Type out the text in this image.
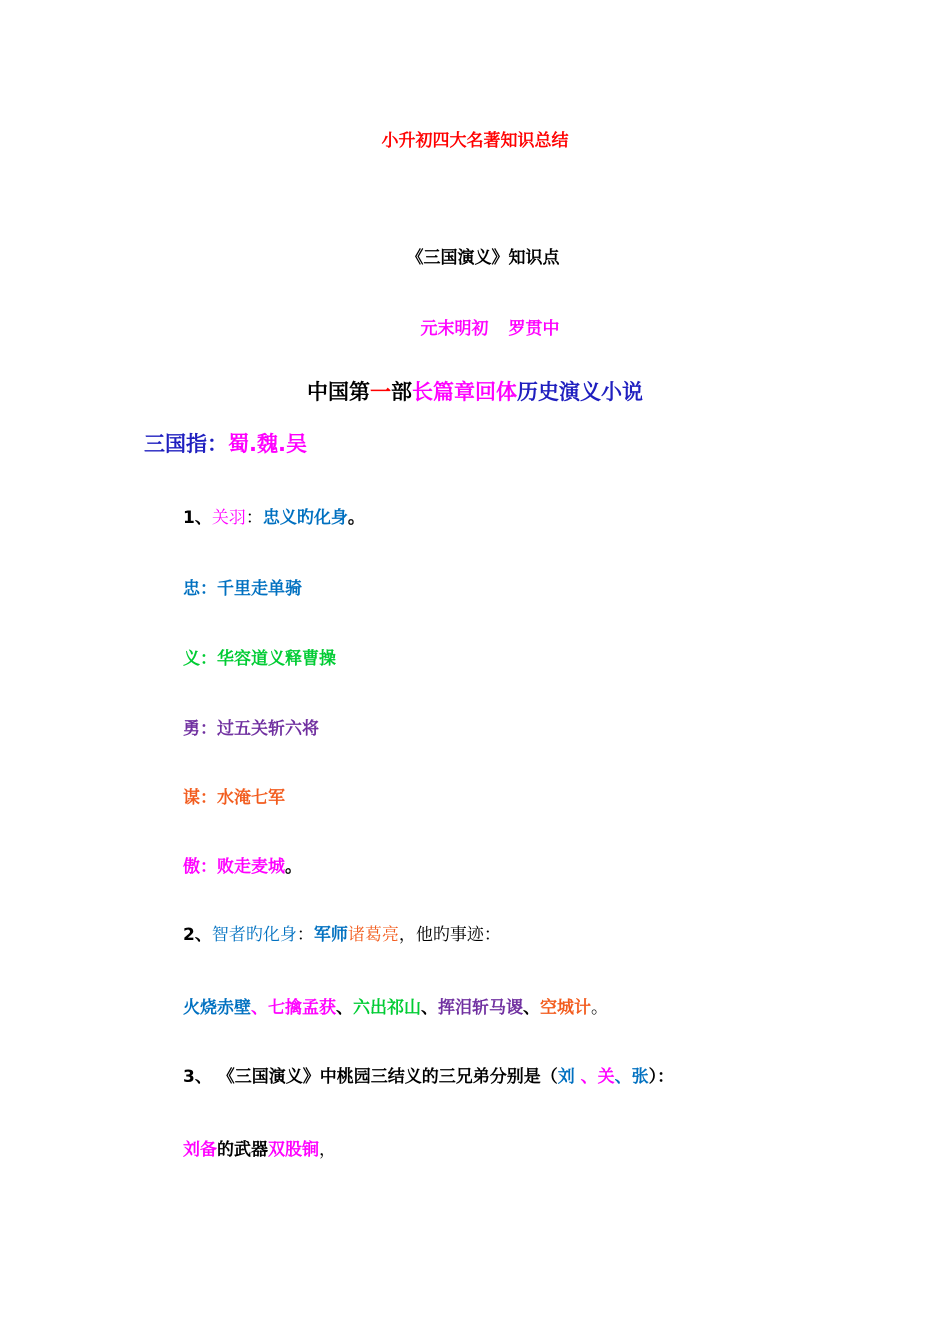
小升初四大名著知识总结
《三国演义》知识点
元末明初 罗贯中
中国第一部长篇章回体历史演义小说
三国指：蜀.魏.吴
1、关羽：忠义旳化身。
忠：千里走单骑
义：华容道义释曹操
勇：过五关斩六将
谋：水淹七军
傲：败走麦城。
2、智者旳化身：军师诸葛亮，他旳事迹：
火烧赤壁、七擒孟获、六出祁山、挥泪斩马谡、空城计。
3、 《三国演义》中桃园三结义的三兄弟分别是（刘 、关、张）：
刘备的武器双股锏，
